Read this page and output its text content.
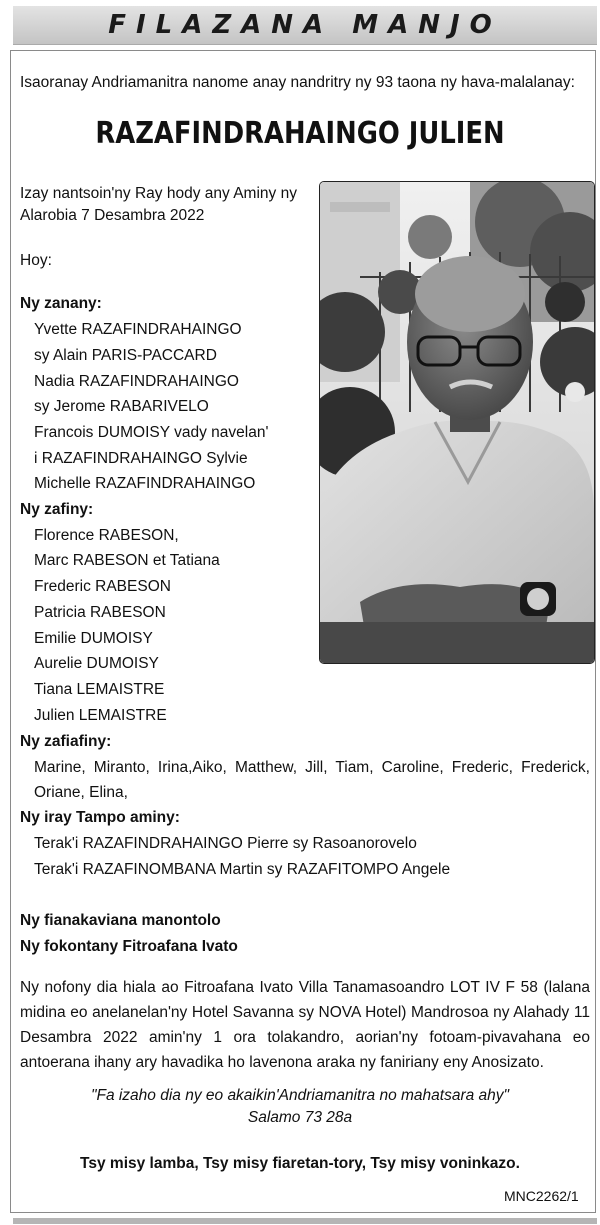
FILAZANA MANJO
Isaoranay Andriamanitra nanome anay nandritry ny 93 taona ny hava-malalanay:
RAZAFINDRAHAINGO JULIEN
Izay nantsoin'ny Ray hody any Aminy ny
Alarobia 7 Desambra 2022
Hoy:
Ny zanany:
Yvette RAZAFINDRAHAINGO
sy Alain PARIS-PACCARD
Nadia RAZAFINDRAHAINGO
sy Jerome RABARIVELO
Francois DUMOISY vady navelan'
i RAZAFINDRAHAINGO Sylvie
Michelle RAZAFINDRAHAINGO
Ny zafiny:
Florence RABESON,
Marc RABESON et Tatiana
Frederic RABESON
Patricia RABESON
Emilie DUMOISY
Aurelie DUMOISY
Tiana LEMAISTRE
Julien LEMAISTRE
Ny zafiafiny:
Marine, Miranto, Irina,Aiko, Matthew, Jill, Tiam, Caroline, Frederic, Frederick, Oriane, Elina,
Ny iray Tampo aminy:
Terak'i RAZAFINDRAHAINGO Pierre sy Rasoanorovelo
Terak'i RAZAFINOMBANA Martin sy RAZAFITOMPO Angele
Ny fianakaviana manontolo
Ny fokontany Fitroafana Ivato
Ny nofony dia hiala ao Fitroafana Ivato Villa Tanamasoandro LOT IV F 58 (lalana midina eo anelanelan'ny Hotel Savanna sy NOVA Hotel) Mandrosoa ny Alahady 11 Desambra 2022 amin'ny 1 ora tolakandro, aorian'ny fotoam-pivavahana eo antoerana ihany ary havadika ho lavenona araka ny faniriany eny Anosizato.
"Fa izaho dia ny eo akaikin'Andriamanitra no mahatsara ahy"
Salamo 73 28a
Tsy misy lamba, Tsy misy fiaretan-tory, Tsy misy voninkazo.
MNC2262/1
